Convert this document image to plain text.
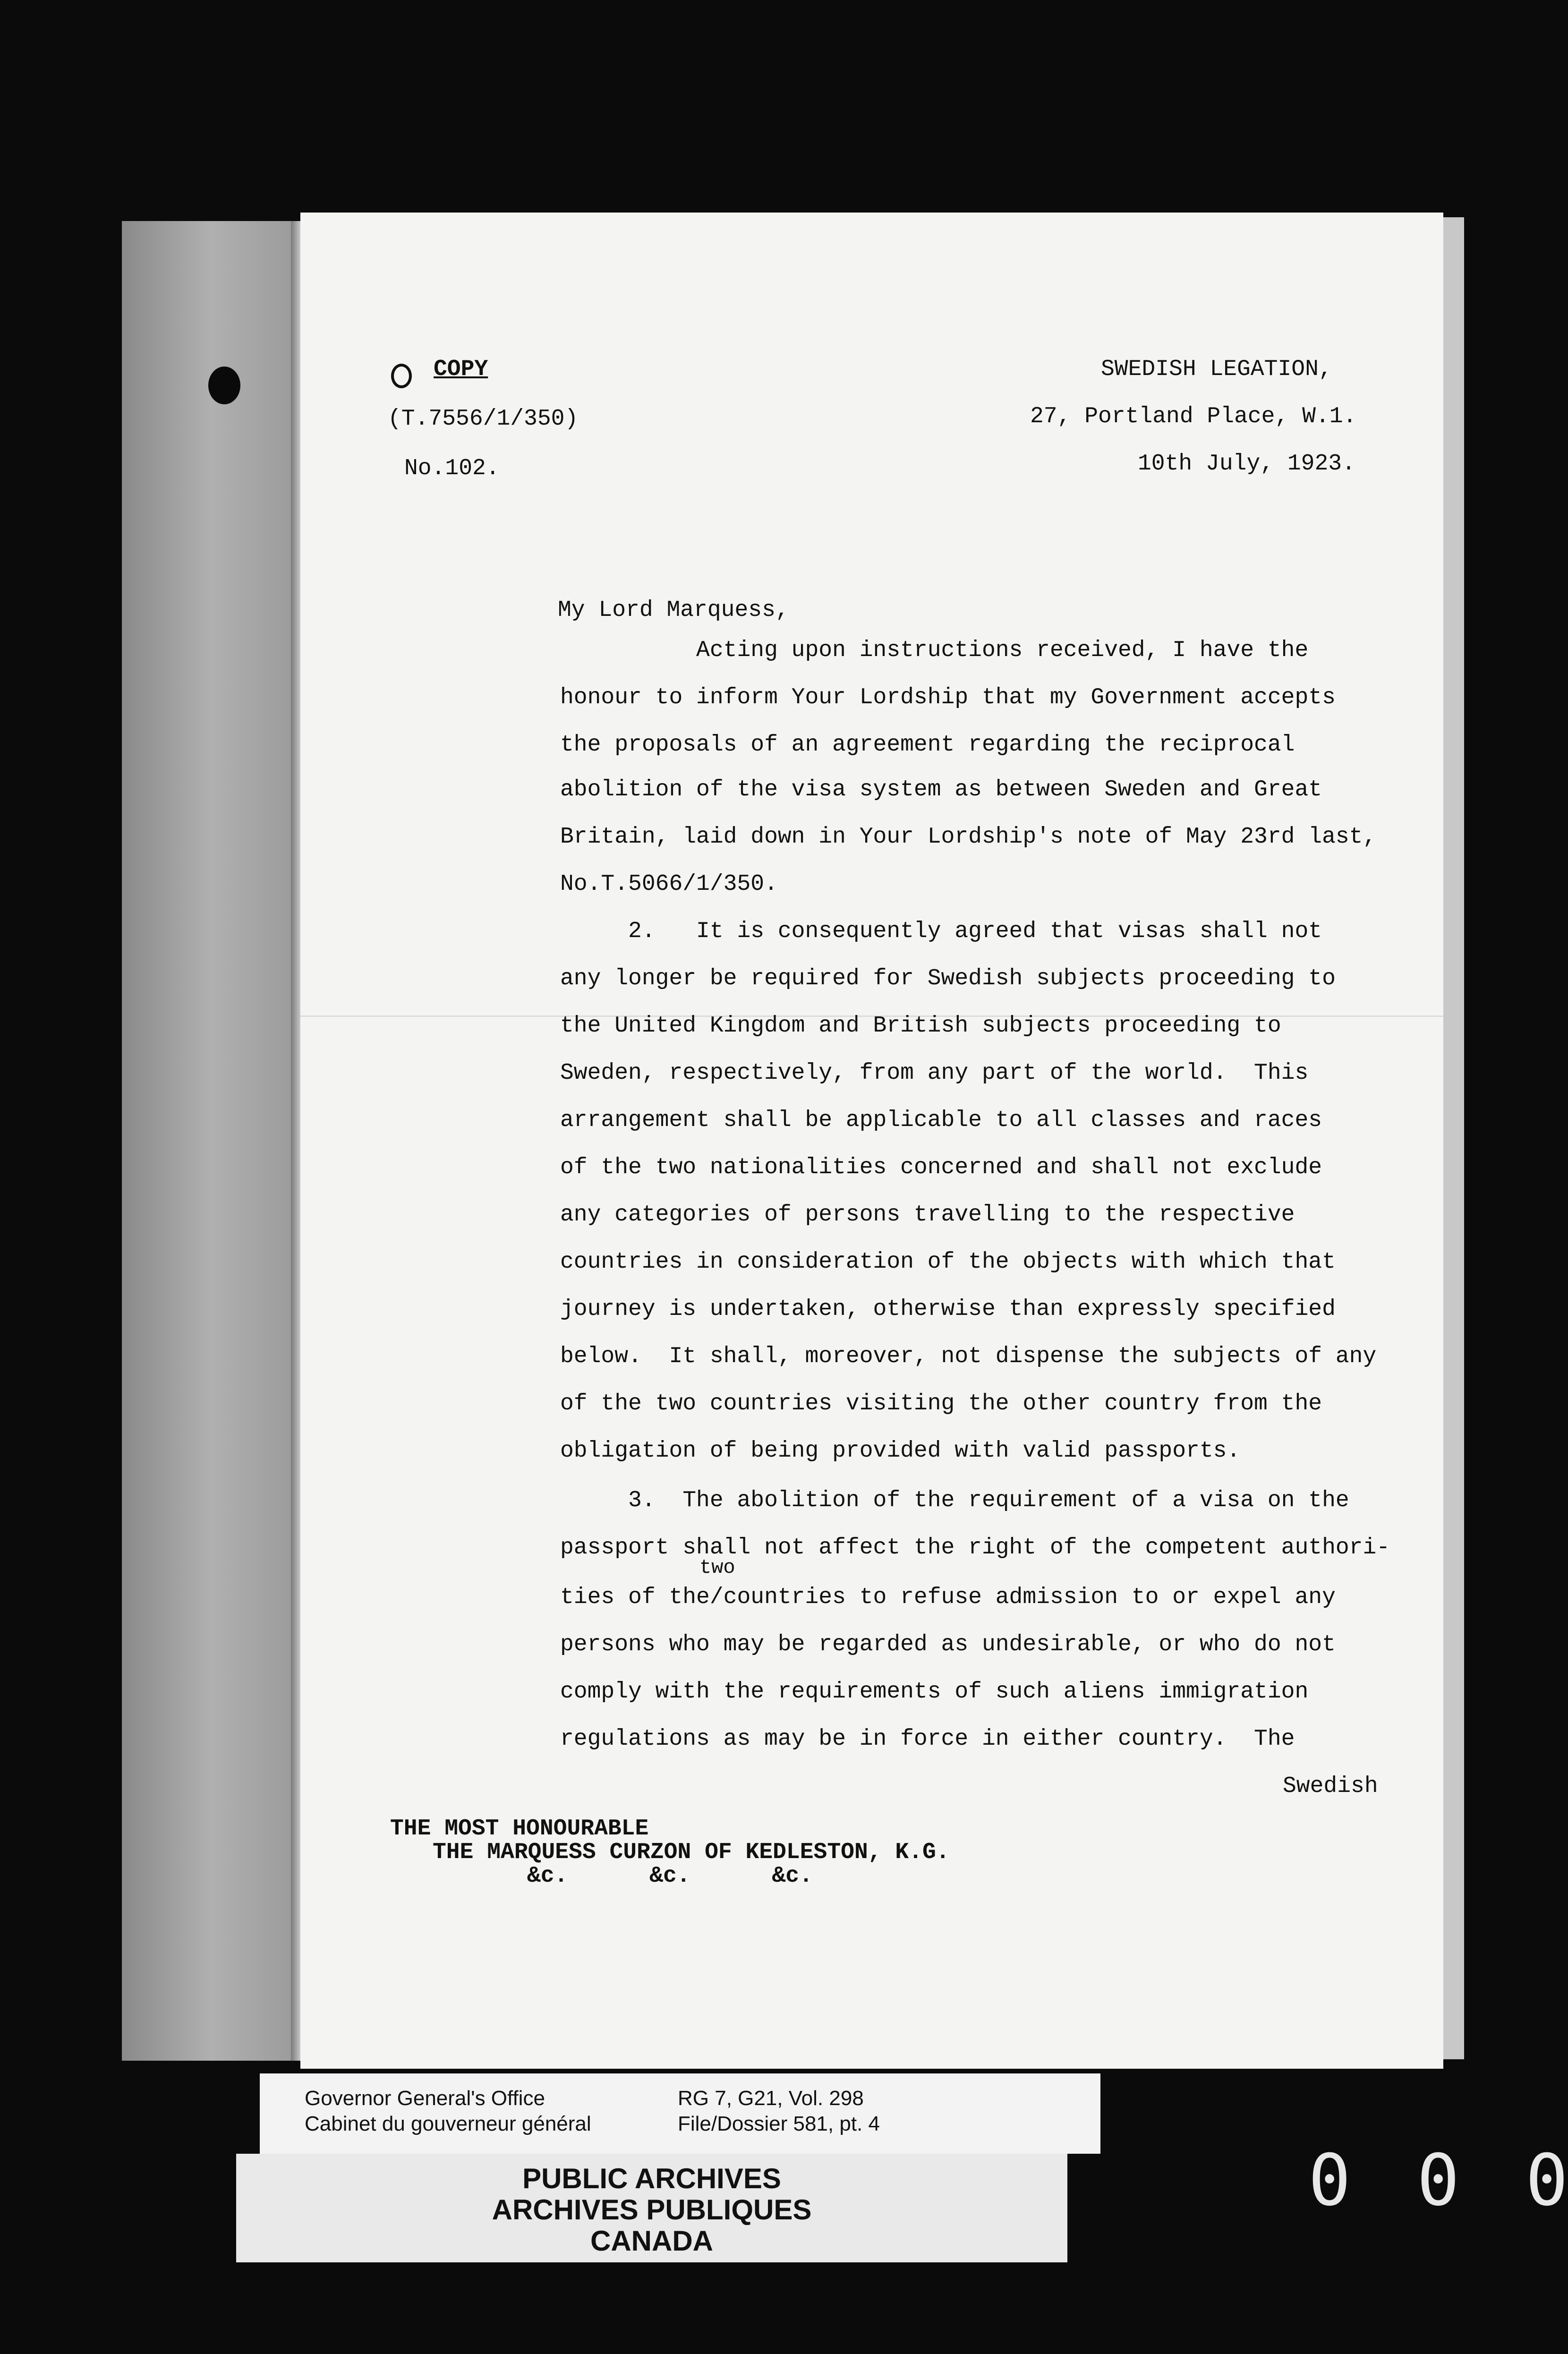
COPY
(T.7556/1/350)
No.102.
SWEDISH LEGATION,
27, Portland Place, W.1.
10th July, 1923.
My Lord Marquess,
Acting upon instructions received, I have the
honour to inform Your Lordship that my Government accepts
the proposals of an agreement regarding the reciprocal
abolition of the visa system as between Sweden and Great
Britain, laid down in Your Lordship's note of May 23rd last,
No.T.5066/1/350.
2.   It is consequently agreed that visas shall not
any longer be required for Swedish subjects proceeding to
the United Kingdom and British subjects proceeding to
Sweden, respectively, from any part of the world.  This
arrangement shall be applicable to all classes and races
of the two nationalities concerned and shall not exclude
any categories of persons travelling to the respective
countries in consideration of the objects with which that
journey is undertaken, otherwise than expressly specified
below.  It shall, moreover, not dispense the subjects of any
of the two countries visiting the other country from the
obligation of being provided with valid passports.
3.  The abolition of the requirement of a visa on the
passport shall not affect the right of the competent authori-
two
ties of the/countries to refuse admission to or expel any
persons who may be regarded as undesirable, or who do not
comply with the requirements of such aliens immigration
regulations as may be in force in either country.  The
Swedish
THE MOST HONOURABLE
THE MARQUESS CURZON OF KEDLESTON, K.G.
&c.      &c.      &c.
Governor General's Office
Cabinet du gouverneur général
RG 7, G21, Vol. 298
File/Dossier 581, pt. 4
PUBLIC ARCHIVES
ARCHIVES PUBLIQUES
CANADA
0 0 0
